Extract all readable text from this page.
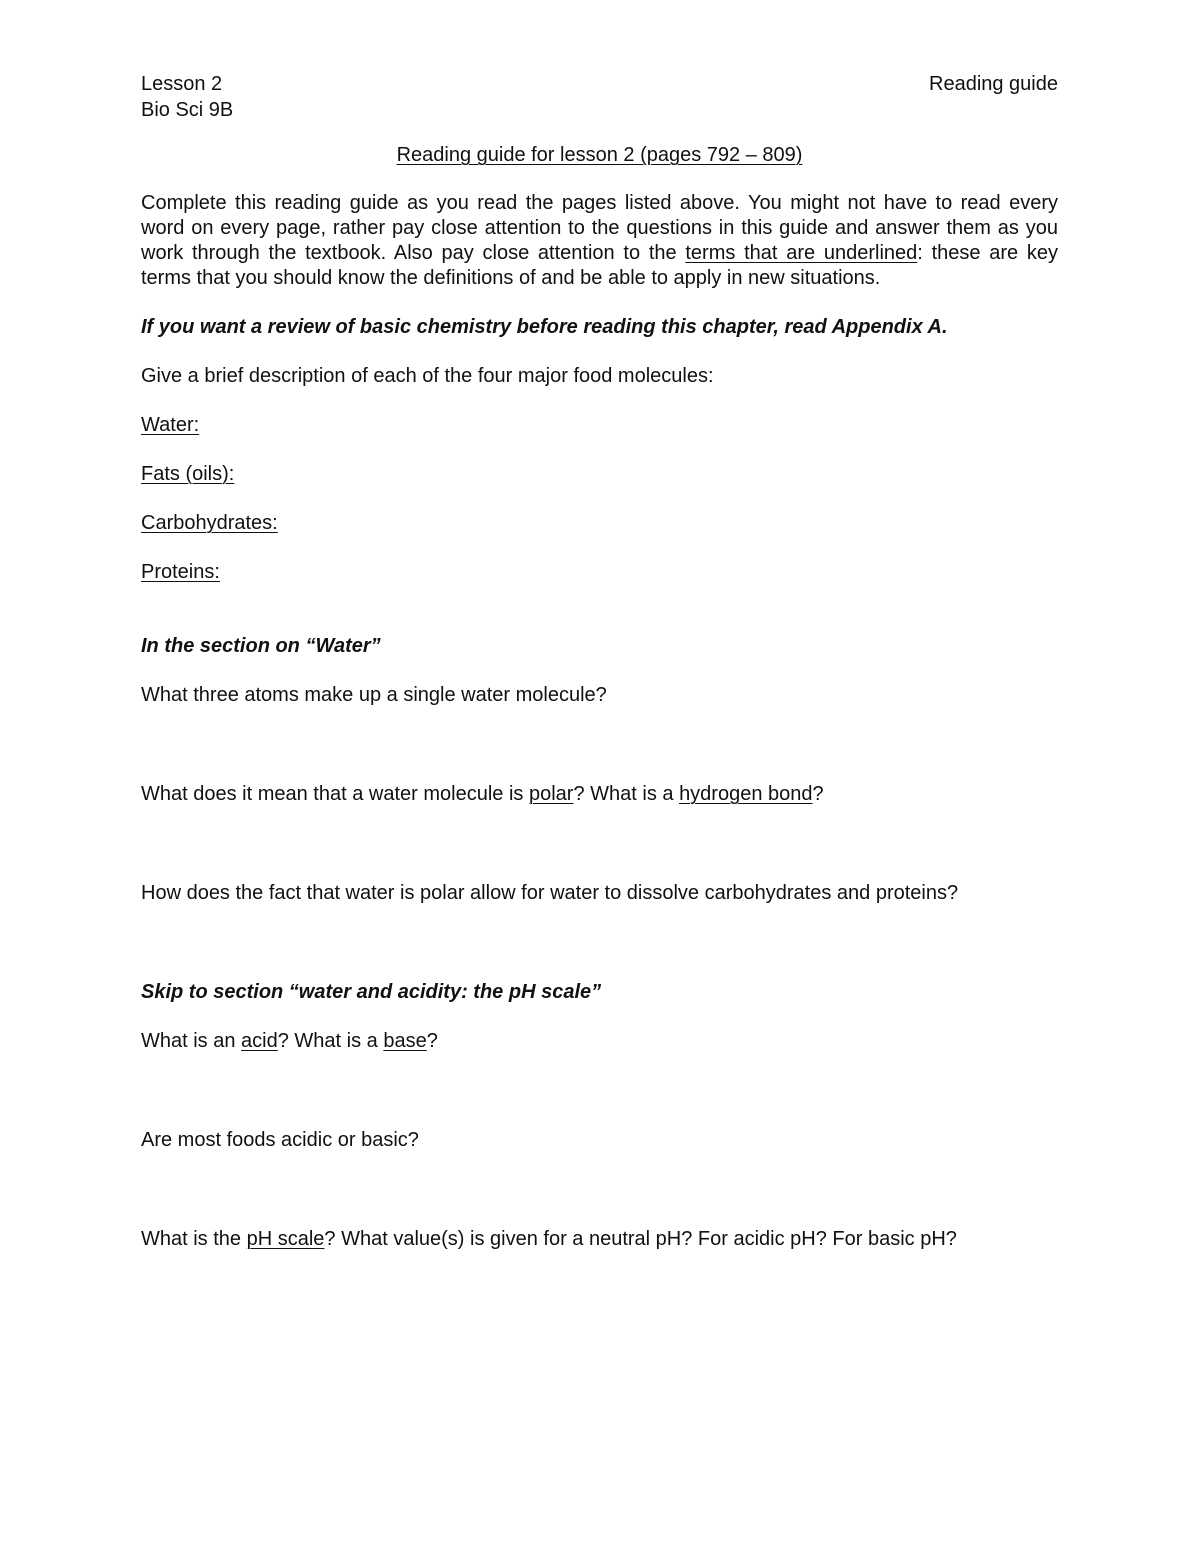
Lesson 2	Reading guide
Bio Sci 9B
Reading guide for lesson 2 (pages 792 – 809)

Complete this reading guide as you read the pages listed above. You might not have to read every word on every page, rather pay close attention to the questions in this guide and answer them as you work through the textbook. Also pay close attention to the terms that are underlined: these are key terms that you should know the definitions of and be able to apply in new situations.

If you want a review of basic chemistry before reading this chapter, read Appendix A.

Give a brief description of each of the four major food molecules:

Water:

Fats (oils):

Carbohydrates:

Proteins:

In the section on “Water”

What three atoms make up a single water molecule?

What does it mean that a water molecule is polar? What is a hydrogen bond?

How does the fact that water is polar allow for water to dissolve carbohydrates and proteins?

Skip to section “water and acidity: the pH scale”

What is an acid? What is a base?

Are most foods acidic or basic?

What is the pH scale? What value(s) is given for a neutral pH? For acidic pH? For basic pH?
